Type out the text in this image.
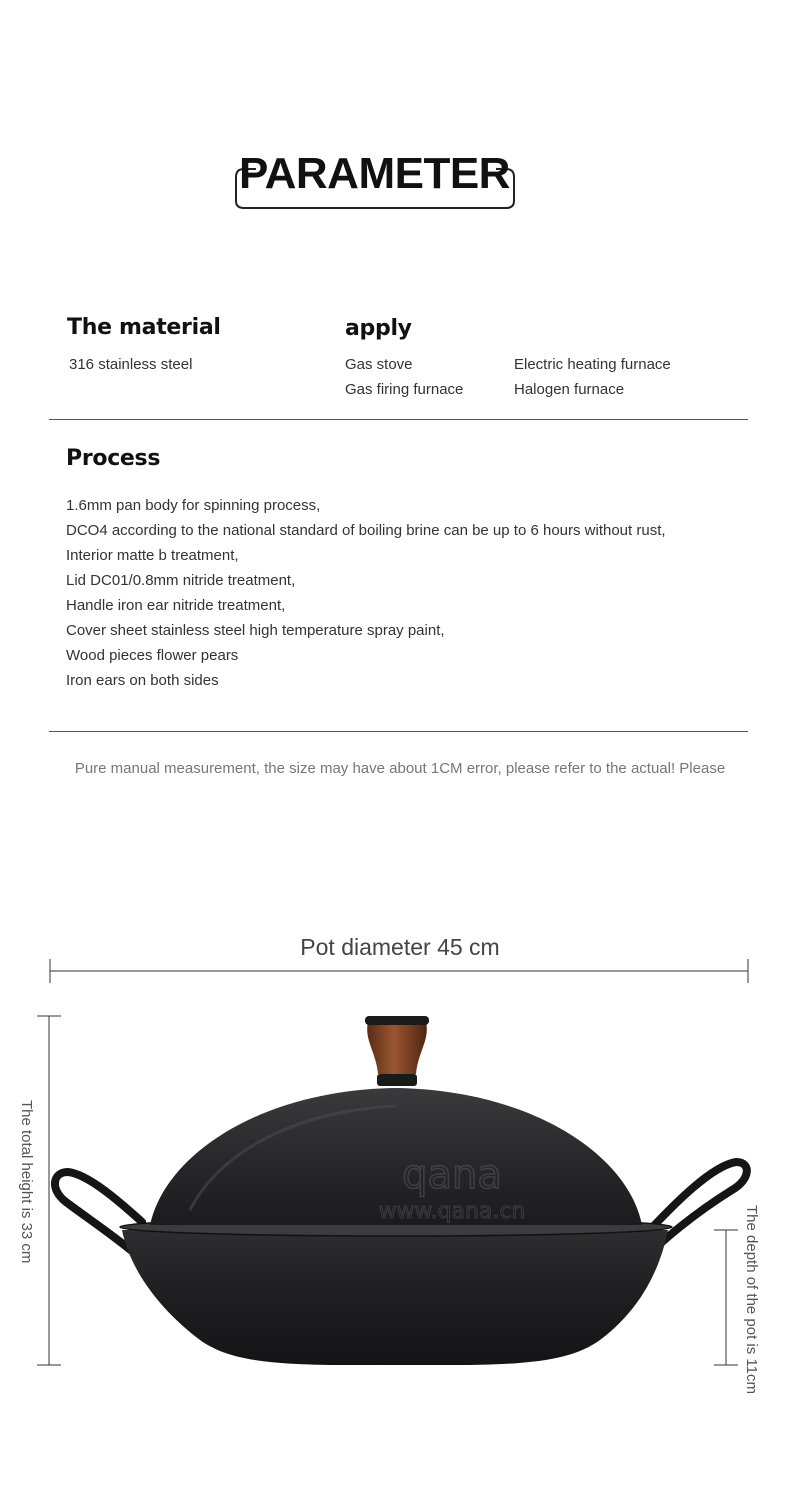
PARAMETER
The material
316 stainless steel
apply
Gas stove	Electric heating furnace
Gas firing furnace	Halogen furnace
Process
1.6mm pan body for spinning process,
DCO4 according to the national standard of boiling brine can be up to 6 hours without rust,
Interior matte b treatment,
Lid DC01/0.8mm nitride treatment,
Handle iron ear nitride treatment,
Cover sheet stainless steel high temperature spray paint,
Wood pieces flower pears
Iron ears on both sides
Pure manual measurement, the size may have about 1CM error, please refer to the actual! Please
Pot diameter 45 cm
qana
www.qana.cn
The total height is 33 cm
The depth of the pot is 11cm
